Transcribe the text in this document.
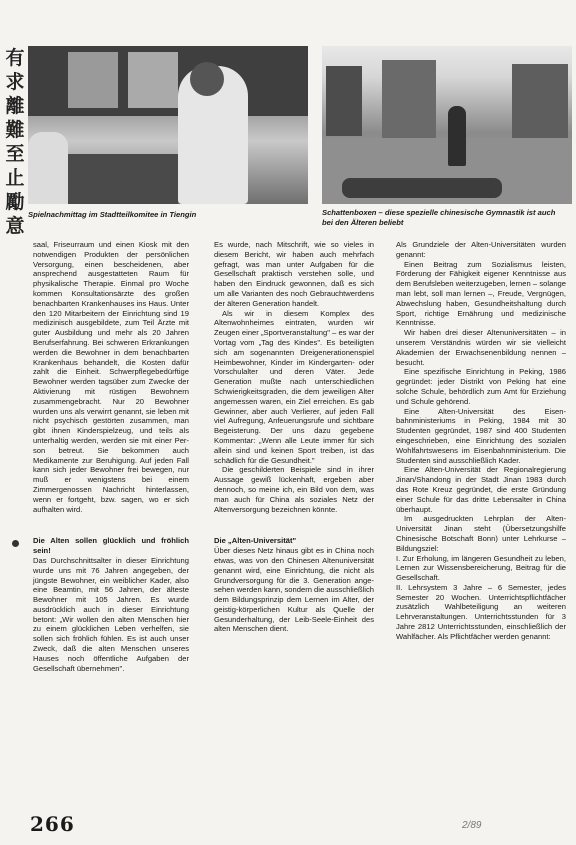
有
求
離
難
至
止
勵
意
Spielnachmittag im Stadtteilkomitee in Tiengin	Schattenboxen – diese spezielle chinesische Gymnastik ist auch bei den Älteren beliebt

saal, Friseurraum und einen Kiosk mit den notwendigen Produkten der persönlichen Versorgung, einen bescheidenen, aber ansprechend ausgestatteten Raum für physikalische Therapie. Einmal pro Woche kommen Konsultationsärzte des großen benachbarten Krankenhauses ins Haus. Unter den 120 Mitarbeitern der Einrichtung sind 19 medizinisch ausgebildete, zum Teil Ärzte mit guter Ausbildung und mehr als 20 Jahren Berufserfahrung. Bei schweren Erkrankungen werden die Bewohner in dem benachbarten Krankenhaus behandelt, die Kosten dafür zahlt die Einheit. Schwerpflegebedürftige Bewohner werden tagsüber zum Zwecke der Aktivierung mit rüstigen Bewohnern zusammengebracht. Nur 20 Bewohner wurden uns als verwirrt genannt, sie leben mit nicht psychisch gestörten zusammen, man gibt ihnen Kinderspielzeug, und teils als unterhaltig werden, werden sie mit einer Person betreut. Sie bekommen auch Medikamente zur Beruhigung. Auf jeden Fall kann sich jeder Bewohner frei bewegen, nur muß er wenigstens bei einem Zimmergenossen Nachricht hinterlassen, wenn er fortgeht, bzw. sagen, wo er sich aufhalten wird.

Die Alten sollen glücklich und fröhlich sein!

Das Durchschnittsalter in dieser Einrichtung wurde uns mit 76 Jahren angegeben, der jüngste Bewohner, ein weiblicher Kader, also eine Beamtin, mit 56 Jahren, der älteste Bewohner mit 105 Jahren. Es wurde ausdrücklich auch in dieser Einrichtung betont: „Wir wollen den alten Menschen hier zu einem glücklichen Leben verhelfen, sie sollen sich fröhlich fühlen. Es ist auch unser Zweck, daß die alten Menschen unseres Hauses noch öffentliche Aufgaben der Gesellschaft übernehmen".

Es wurde, nach Mitschrift, wie so vieles in diesem Bericht, wir haben auch mehrfach gefragt, was man unter Aufgaben für die Gesellschaft praktisch verstehen solle, und haben den Eindruck gewonnen, daß es sich um alle Varianten des noch Gebrauchtwerdens der älteren Generation handelt.

Als wir in diesem Komplex des Altenwohnheimes eintraten, wurden wir Zeugen einer „Sportveranstaltung" – es war der Vortag vom „Tag des Kindes". Es beteiligten sich am sogenannten Dreigenerationenspiel Heimbewohner, Kinder im Kindergarten- oder Vorschulalter und deren Väter. Jede Generation mußte nach unterschiedlichen Schwierigkeitsgraden, die dem jeweiligen Alter angemessen waren, ein Ziel erreichen. Es gab Gewinner, aber auch Verlierer, auf jeden Fall viel Aufregung, Anfeuerungsrufe und sichtbare Begeisterung. Der uns dazu gegebene Kommentar: „Wenn alle Leute immer für sich allein sind und keinen Sport treiben, ist das schädlich für die Gesundheit."

Die geschilderten Beispiele sind in ihrer Aussage gewiß lückenhaft, ergeben aber dennoch, so meine ich, ein Bild von dem, was man auch für China als soziales Netz der Altenversorgung bezeichnen könnte.

Die „Alten-Universität"

Über dieses Netz hinaus gibt es in China noch etwas, was von den Chinesen Altenuniversität genannt wird, eine Einrichtung, die nicht als Grundversorgung für die 3. Generation angesehen werden kann, sondern die ausschließlich dem Bildungsprinzip dem Lernen im Alter, der geistig-körperlichen Kultur als Quelle der Gesunderhaltung, der Leib-Seele-Einheit des alten Menschen dient.

Als Grundziele der Alten-Universitäten wurden genannt:

Einen Beitrag zum Sozialismus leisten, Förderung der Fähigkeit eigener Kenntnisse aus dem Berufsleben weiterzugeben, lernen – solange man lebt, soll man lernen –, Freude, Vergnügen, Abwechslung haben, Gesundheitshaltung durch Sport, richtige Ernährung und medizinische Kenntnisse.

Wir haben drei dieser Altenuniversitäten – in unserem Verständnis würden wir sie vielleicht Akademien der Erwachsenenbildung nennen – besucht.

Eine spezifische Einrichtung in Peking, 1986 gegründet: jeder Distrikt von Peking hat eine solche Schule, behördlich zum Amt für Erziehung und Schule gehörend.

Eine Alten-Universität des Eisenbahnministeriums in Peking, 1984 mit 30 Studenten gegründet, 1987 sind 400 Studenten eingeschrieben, eine Einrichtung des sozialen Wohlfahrtswesens im Eisenbahnministerium. Die Studenten sind ausschließlich Kader.

Eine Alten-Universität der Regionalregierung Jinan/Shandong in der Stadt Jinan 1983 durch das Rote Kreuz gegründet, die erste Gründung einer Schule für das dritte Lebensalter in China überhaupt.

Im ausgedruckten Lehrplan der Alten-Universität Jinan steht (Übersetzungshilfe Chinesische Botschaft Bonn) unter Lehrkurse – Bildungsziel:

I. Zur Erholung, im längeren Gesundheit zu leben, Lernen zur Wissensbereicherung, Beitrag für die Gesellschaft.

II. Lehrsystem 3 Jahre – 6 Semester, jedes Semester 20 Wochen. Unterrichtspflichtfächer zusätzlich Wahlbeteiligung an weiteren Lehrveranstaltungen. Unterrichtsstunden für 3 Jahre 2812 Unterrichtsstunden, einschließlich der Wahlfächer. Als Pflichtfächer werden genannt:

266	2/89
